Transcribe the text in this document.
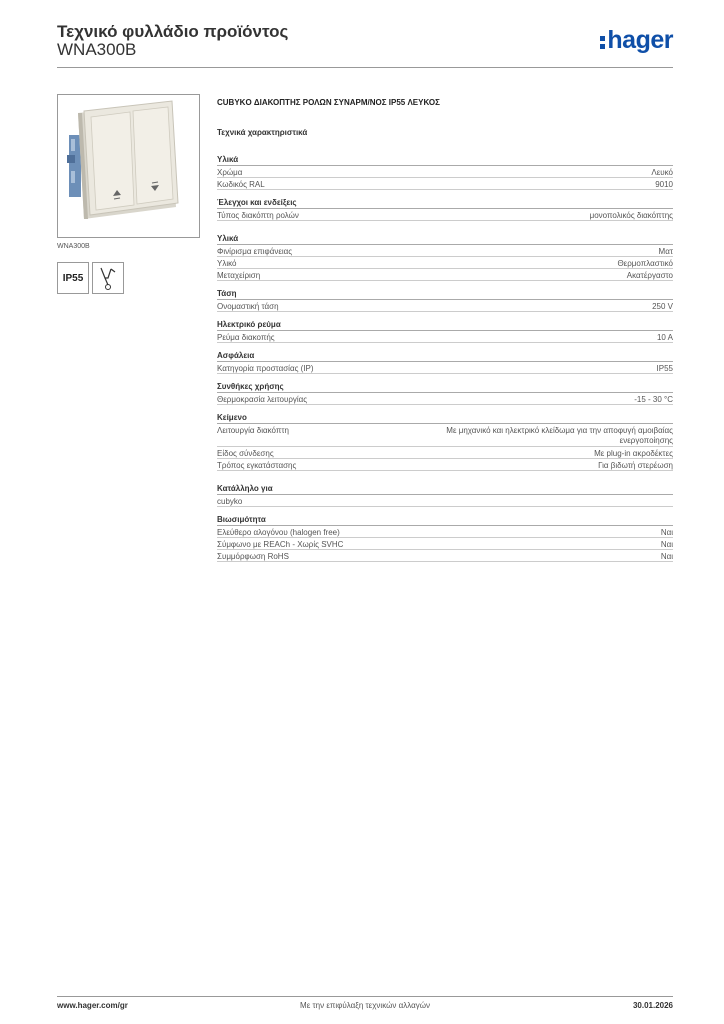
Τεχνικό φυλλάδιο προϊόντος
WNA300B	hager
WNA300B
IP55
CUBYKO ΔΙΑΚΟΠΤΗΣ ΡΟΛΩΝ ΣΥΝΑΡΜ/ΝΟΣ IP55 ΛΕΥΚΟΣ
Τεχνικά χαρακτηριστικά
Υλικά
Χρώμα	Λευκό
Κωδικός RAL	9010
Έλεγχοι και ενδείξεις
Τύπος διακόπτη ρολών	μονοπολικός διακόπτης
Υλικά
Φινίρισμα επιφάνειας	Ματ
Υλικό	Θερμοπλαστικό
Μεταχείριση	Ακατέργαστο
Τάση
Ονομαστική τάση	250 V
Ηλεκτρικό ρεύμα
Ρεύμα διακοπής	10 A
Ασφάλεια
Κατηγορία προστασίας (IP)	IP55
Συνθήκες χρήσης
Θερμοκρασία λειτουργίας	-15 - 30 °C
Κείμενο
Λειτουργία διακόπτη	Με μηχανικό και ηλεκτρικό κλείδωμα για την αποφυγή αμοιβαίας ενεργοποίησης
Είδος σύνδεσης	Με plug-in ακροδέκτες
Τρόπος εγκατάστασης	Για βιδωτή στερέωση
Κατάλληλο για
cubyko
Βιωσιμότητα
Ελεύθερο αλογόνου (halogen free)	Ναι
Σύμφωνο με REACh - Χωρίς SVHC	Ναι
Συμμόρφωση RoHS	Ναι
www.hager.com/gr	Με την επιφύλαξη τεχνικών αλλαγών	30.01.2026
